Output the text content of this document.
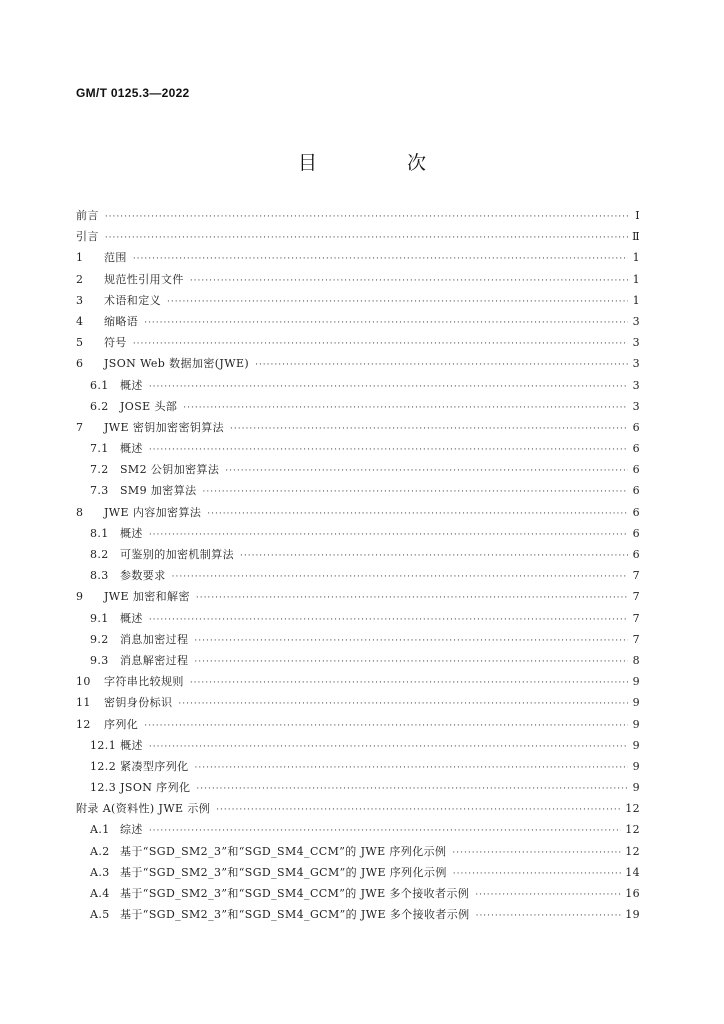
GM/T 0125.3—2022
目 次
前言 ·····	Ⅰ
引言 ·····	Ⅱ
1 范围 ·····	1
2 规范性引用文件 ·····	1
3 术语和定义 ·····	1
4 缩略语 ·····	3
5 符号 ·····	3
6 JSON Web 数据加密(JWE) ·····	3
6.1 概述 ·····	3
6.2 JOSE 头部 ·····	3
7 JWE 密钥加密密钥算法 ·····	6
7.1 概述 ·····	6
7.2 SM2 公钥加密算法 ·····	6
7.3 SM9 加密算法 ·····	6
8 JWE 内容加密算法 ·····	6
8.1 概述 ·····	6
8.2 可鉴别的加密机制算法 ·····	6
8.3 参数要求 ·····	7
9 JWE 加密和解密 ·····	7
9.1 概述 ·····	7
9.2 消息加密过程 ·····	7
9.3 消息解密过程 ·····	8
10 字符串比较规则 ·····	9
11 密钥身份标识 ·····	9
12 序列化 ·····	9
12.1 概述 ·····	9
12.2 紧凑型序列化 ·····	9
12.3 JSON 序列化 ·····	9
附录 A(资料性) JWE 示例 ·····	12
A.1 综述 ·····	12
A.2 基于“SGD_SM2_3”和“SGD_SM4_CCM”的 JWE 序列化示例 ·····	12
A.3 基于“SGD_SM2_3”和“SGD_SM4_GCM”的 JWE 序列化示例 ·····	14
A.4 基于“SGD_SM2_3”和“SGD_SM4_CCM”的 JWE 多个接收者示例 ·····	16
A.5 基于“SGD_SM2_3”和“SGD_SM4_GCM”的 JWE 多个接收者示例 ·····	19
